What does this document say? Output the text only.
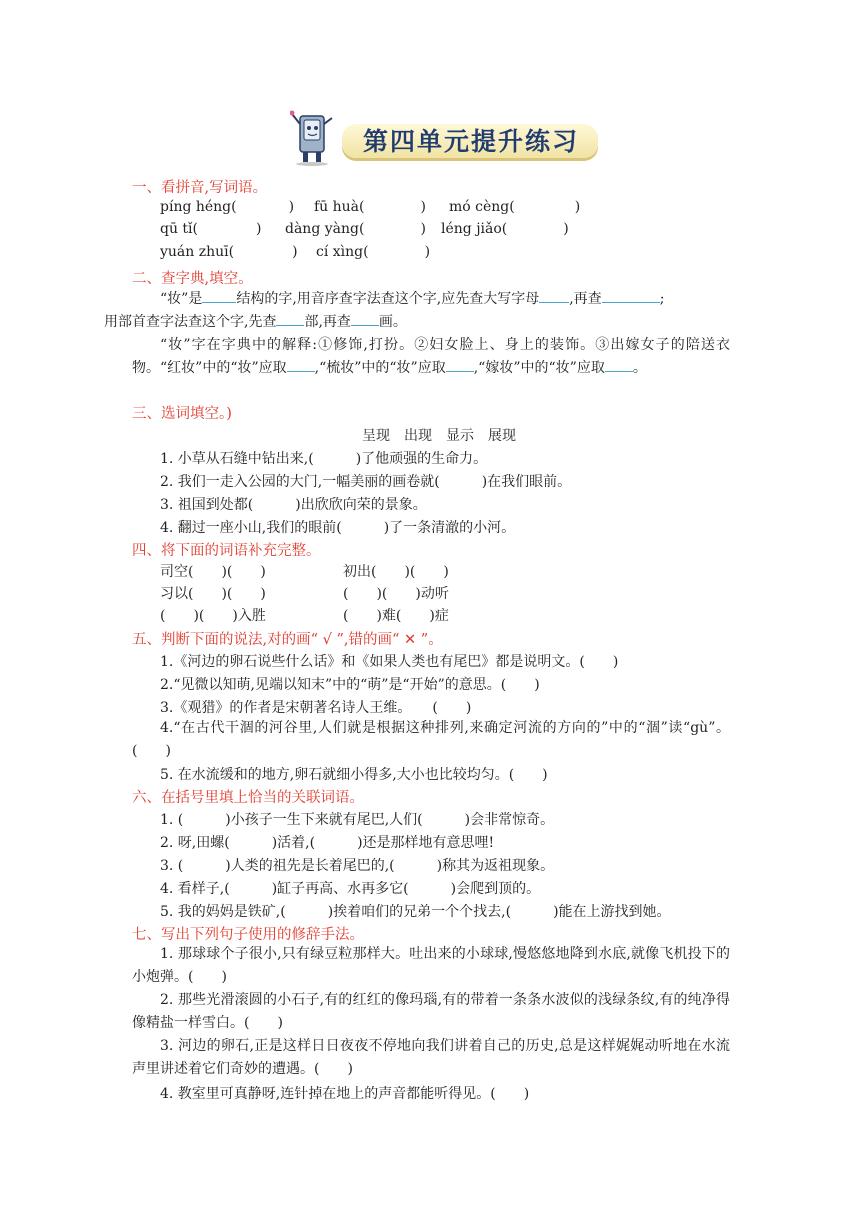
第四单元提升练习
一、看拼音,写词语。
píng héng(	) fū huà(	) mó cèng(	)
qū tǐ(	) dàng yàng(	) léng jiǎo(	)
yuán zhuī(	) cí xìng(	)
二、查字典,填空。
“妆”是 结构的字,用音序查字法查这个字,应先查大写字母 ,再查	;
用部首查字法查这个字,先查 部,再查 画。
“妆”字在字典中的解释:①修饰,打扮。②妇女脸上、身上的装饰。③出嫁女子的陪送衣物。“红妆”中的“妆”应取 ,“梳妆”中的“妆”应取 ,“嫁妆”中的“妆”应取 。
三、选词填空。)
呈现　出现　显示　展现
1. 小草从石缝中钻出来,(　　　)了他顽强的生命力。
2. 我们一走入公园的大门,一幅美丽的画卷就(　　　)在我们眼前。
3. 祖国到处都(　　　)出欣欣向荣的景象。
4. 翻过一座小山,我们的眼前(　　　)了一条清澈的小河。
四、将下面的词语补充完整。
司空(　　)(　　)	初出(　　)(　　)
习以(　　)(　　)	(　　)(　　)动听
(　　)(　　)入胜	(　　)难(　　)症
五、判断下面的说法,对的画“ √ ”,错的画“ ✕ ”。
1.《河边的卵石说些什么话》和《如果人类也有尾巴》都是说明文。(　　)
2.“见微以知萌,见端以知末”中的“萌”是“开始”的意思。(　　)
3.《观猎》的作者是宋朝著名诗人王维。　　(　　)
4.“在古代干涸的河谷里,人们就是根据这种排列,来确定河流的方向的”中的“涸”读“gù”。(　　)
5. 在水流缓和的地方,卵石就细小得多,大小也比较均匀。(　　)
六、在括号里填上恰当的关联词语。
1. (　　　)小孩子一生下来就有尾巴,人们(　　　)会非常惊奇。
2. 呀,田螺(　　　)活着,(　　　)还是那样地有意思哩!
3. (　　　)人类的祖先是长着尾巴的,(　　　)称其为返祖现象。
4. 看样子,(　　　)缸子再高、水再多它(　　　)会爬到顶的。
5. 我的妈妈是铁矿,(　　　)挨着咱们的兄弟一个个找去,(　　　)能在上游找到她。
七、写出下列句子使用的修辞手法。
1. 那球球个子很小,只有绿豆粒那样大。吐出来的小球球,慢悠悠地降到水底,就像飞机投下的小炮弹。(　　)
2. 那些光滑滚圆的小石子,有的红红的像玛瑙,有的带着一条条水波似的浅绿条纹,有的纯净得像精盐一样雪白。(　　)
3. 河边的卵石,正是这样日日夜夜不停地向我们讲着自己的历史,总是这样娓娓动听地在水流声里讲述着它们奇妙的遭遇。(　　)
4. 教室里可真静呀,连针掉在地上的声音都能听得见。(　　)
